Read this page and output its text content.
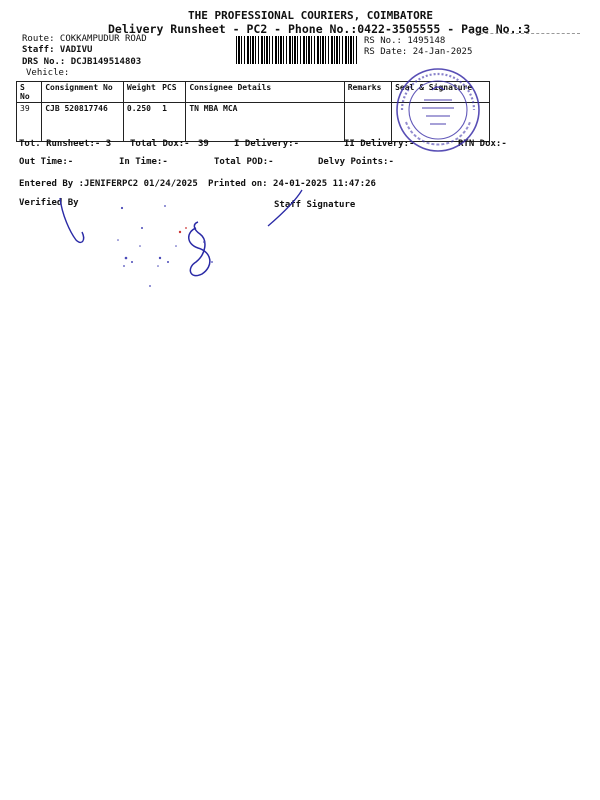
THE PROFESSIONAL COURIERS, COIMBATORE
Delivery Runsheet - PC2 - Phone No.:0422-3505555 - Page No.:3
Route: COKKAMPUDUR ROAD
Staff: VADIVU
DRS No.: DCJB149514803
Vehicle:
RS No.: 1495148
RS Date: 24-Jan-2025
S No	Consignment No	Weight	PCS	Consignee Details	Remarks	Seal & Signature
39	CJB 520817746	0.250	1	TN MBA MCA		
Tot. Runsheet:- 3 Total Dox:- 39	I Delivery:-	II Delivery:-	RTN Dox:-
Out Time:-	In Time:-	Total POD:-	Delvy Points:-
Entered By :JENIFERPC2 01/24/2025 Printed on: 24-01-2025 11:47:26
Verified By	Staff Signature
